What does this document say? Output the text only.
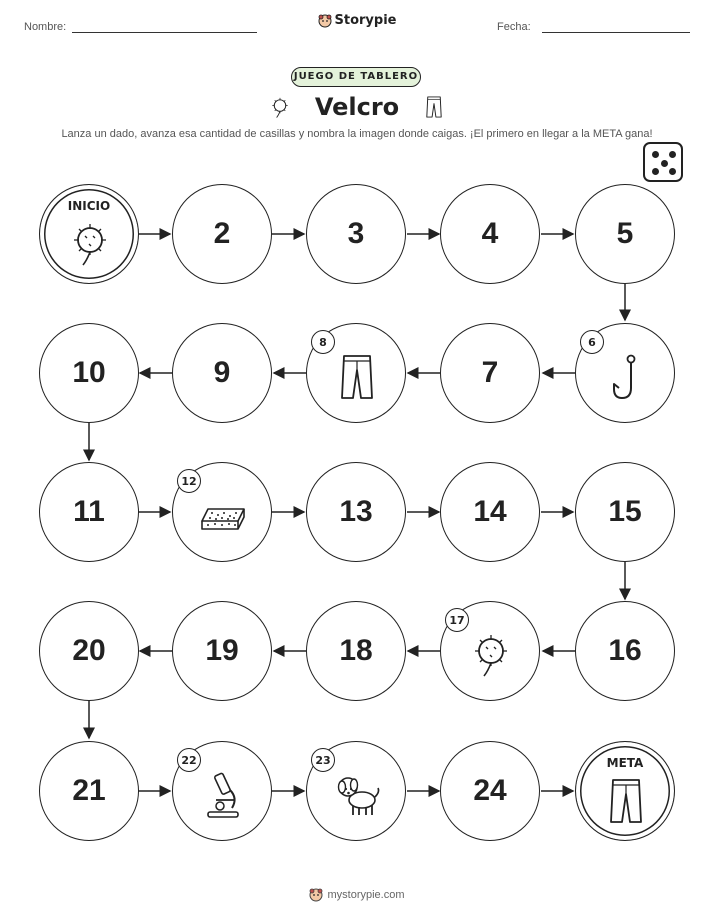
Nombre:	Storypie	Fecha:
JUEGO DE TABLERO
Velcro
Lanza un dado, avanza esa cantidad de casillas y nombra la imagen donde caigas. ¡El primero en llegar a la META gana!
INICIO
2	3	4	5
10	9
8
7
6
11
12
13	14	15
20	19	18
17
16
21
22	23
24
META
mystorypie.com
